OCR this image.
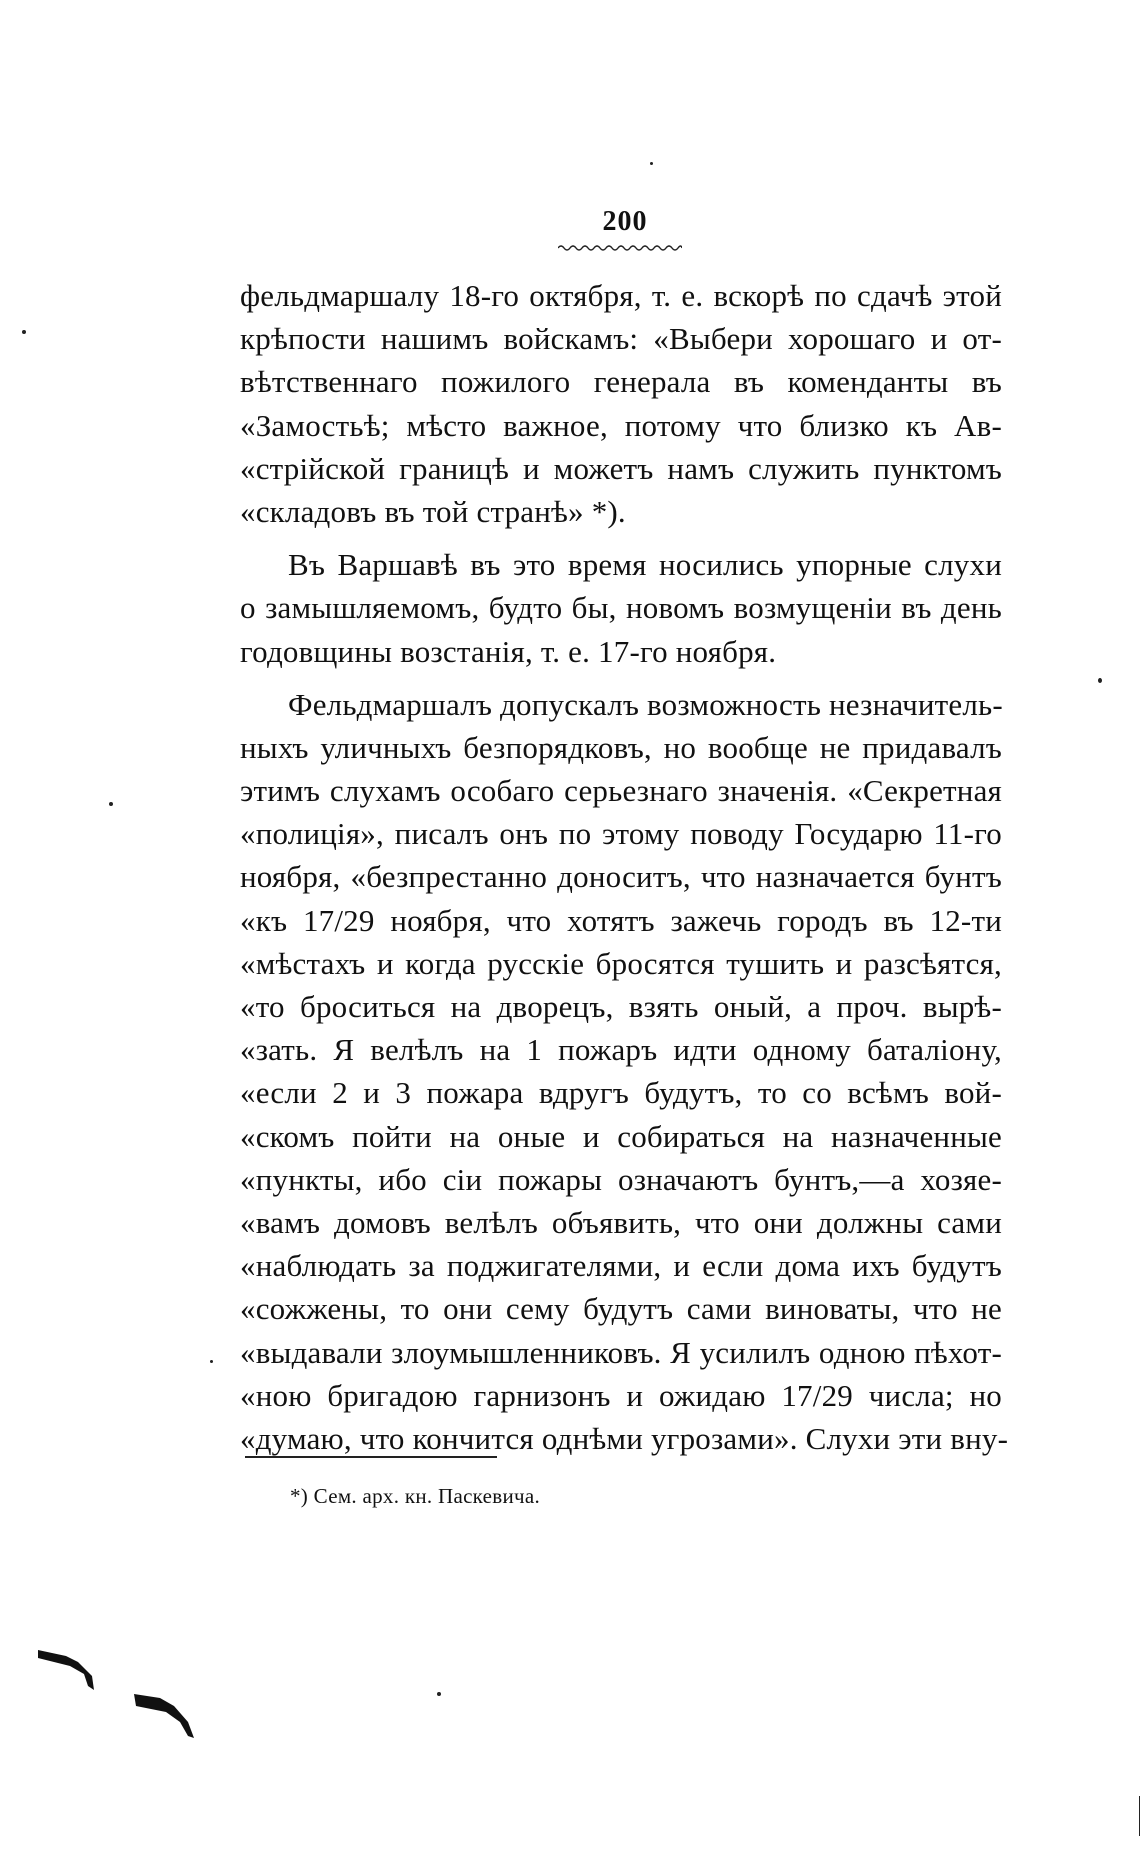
200
фельдмаршалу 18-го октября, т. е. вскорѣ по сдачѣ этой
крѣпости нашимъ войскамъ: «Выбери хорошаго и от-
вѣтственнаго пожилого генерала въ коменданты въ
«Замостьѣ; мѣсто важное, потому что близко къ Ав-
«стрійской границѣ и можетъ намъ служить пунктомъ
«складовъ въ той странѣ» *).
Въ Варшавѣ въ это время носились упорные слухи
о замышляемомъ, будто бы, новомъ возмущеніи въ день
годовщины возстанія, т. е. 17-го ноября.
Фельдмаршалъ допускалъ возможность незначитель-
ныхъ уличныхъ безпорядковъ, но вообще не придавалъ
этимъ слухамъ особаго серьезнаго значенія. «Секретная
«полиція», писалъ онъ по этому поводу Государю 11-го
ноября, «безпрестанно доноситъ, что назначается бунтъ
«къ 17/29 ноября, что хотятъ зажечь городъ въ 12-ти
«мѣстахъ и когда русскіе бросятся тушить и разсѣятся,
«то броситься на дворецъ, взять оный, а проч. вырѣ-
«зать. Я велѣлъ на 1 пожаръ идти одному баталіону,
«если 2 и 3 пожара вдругъ будутъ, то со всѣмъ вой-
«скомъ пойти на оные и собираться на назначенные
«пункты, ибо сіи пожары означаютъ бунтъ,—а хозяе-
«вамъ домовъ велѣлъ объявить, что они должны сами
«наблюдать за поджигателями, и если дома ихъ будутъ
«сожжены, то они сему будутъ сами виноваты, что не
«выдавали злоумышленниковъ. Я усилилъ одною пѣхот-
«ною бригадою гарнизонъ и ожидаю 17/29 числа; но
«думаю, что кончится однѣми угрозами». Слухи эти вну-
*) Сем. арх. кн. Паскевича.
